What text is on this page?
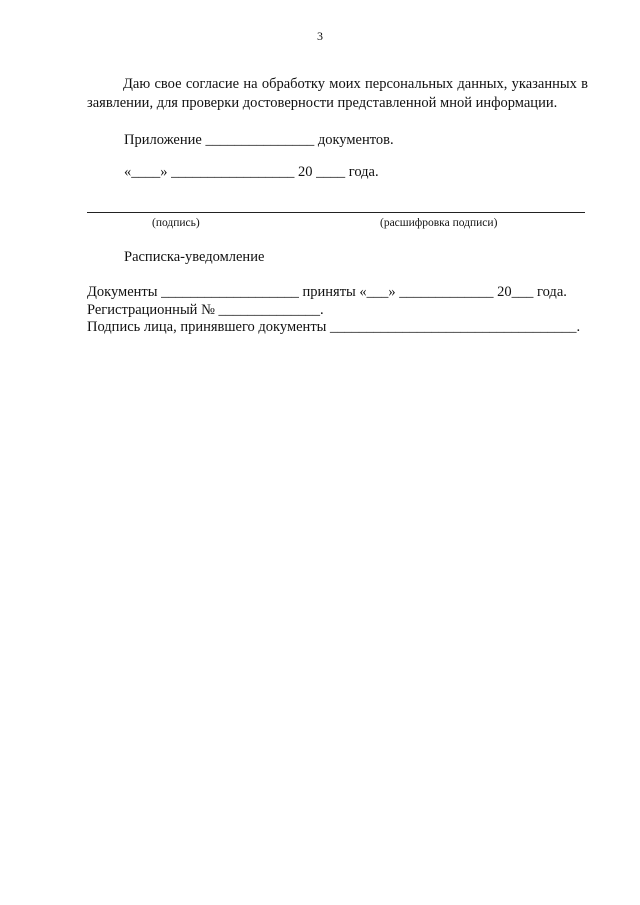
3

Даю свое согласие на обработку моих персональных данных, указанных в заявлении, для проверки достоверности представленной мной информации.

Приложение _______________ документов.
«____» _________________ 20 ____ года.
(подпись)	(расшифровка подписи)
Расписка-уведомление
Документы ___________________ приняты «___» _____________ 20___ года.
Регистрационный № ______________.
Подпись лица, принявшего документы __________________________________.
